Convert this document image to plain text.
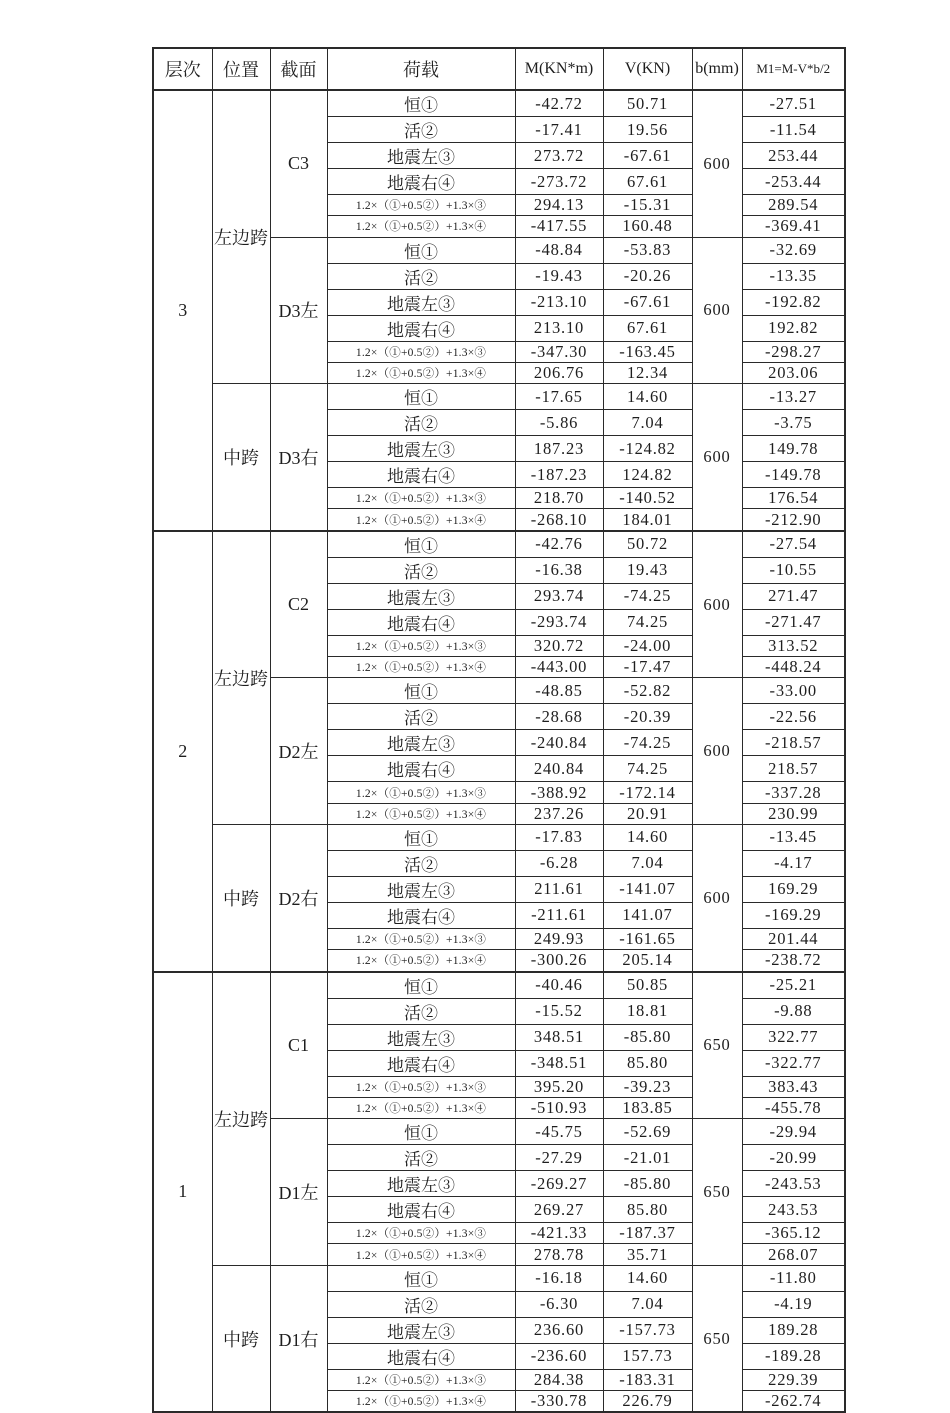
层次	位置	截面	荷载	M(KN*m)	V(KN)	b(mm)	M1=M-V*b/2
3	左边跨	C3	恒①	-42.72	50.71	600	-27.51
			活②	-17.41	19.56		-11.54
			地震左③	273.72	-67.61		253.44
			地震右④	-273.72	67.61		-253.44
			1.2×（①+0.5②）+1.3×③	294.13	-15.31		289.54
			1.2×（①+0.5②）+1.3×④	-417.55	160.48		-369.41
		D3左	恒①	-48.84	-53.83	600	-32.69
			活②	-19.43	-20.26		-13.35
			地震左③	-213.10	-67.61		-192.82
			地震右④	213.10	67.61		192.82
			1.2×（①+0.5②）+1.3×③	-347.30	-163.45		-298.27
			1.2×（①+0.5②）+1.3×④	206.76	12.34		203.06
	中跨	D3右	恒①	-17.65	14.60	600	-13.27
			活②	-5.86	7.04		-3.75
			地震左③	187.23	-124.82		149.78
			地震右④	-187.23	124.82		-149.78
			1.2×（①+0.5②）+1.3×③	218.70	-140.52		176.54
			1.2×（①+0.5②）+1.3×④	-268.10	184.01		-212.90
2	左边跨	C2	恒①	-42.76	50.72	600	-27.54
			活②	-16.38	19.43		-10.55
			地震左③	293.74	-74.25		271.47
			地震右④	-293.74	74.25		-271.47
			1.2×（①+0.5②）+1.3×③	320.72	-24.00		313.52
			1.2×（①+0.5②）+1.3×④	-443.00	-17.47		-448.24
		D2左	恒①	-48.85	-52.82	600	-33.00
			活②	-28.68	-20.39		-22.56
			地震左③	-240.84	-74.25		-218.57
			地震右④	240.84	74.25		218.57
			1.2×（①+0.5②）+1.3×③	-388.92	-172.14		-337.28
			1.2×（①+0.5②）+1.3×④	237.26	20.91		230.99
	中跨	D2右	恒①	-17.83	14.60	600	-13.45
			活②	-6.28	7.04		-4.17
			地震左③	211.61	-141.07		169.29
			地震右④	-211.61	141.07		-169.29
			1.2×（①+0.5②）+1.3×③	249.93	-161.65		201.44
			1.2×（①+0.5②）+1.3×④	-300.26	205.14		-238.72
1	左边跨	C1	恒①	-40.46	50.85	650	-25.21
			活②	-15.52	18.81		-9.88
			地震左③	348.51	-85.80		322.77
			地震右④	-348.51	85.80		-322.77
			1.2×（①+0.5②）+1.3×③	395.20	-39.23		383.43
			1.2×（①+0.5②）+1.3×④	-510.93	183.85		-455.78
		D1左	恒①	-45.75	-52.69	650	-29.94
			活②	-27.29	-21.01		-20.99
			地震左③	-269.27	-85.80		-243.53
			地震右④	269.27	85.80		243.53
			1.2×（①+0.5②）+1.3×③	-421.33	-187.37		-365.12
			1.2×（①+0.5②）+1.3×④	278.78	35.71		268.07
	中跨	D1右	恒①	-16.18	14.60	650	-11.80
			活②	-6.30	7.04		-4.19
			地震左③	236.60	-157.73		189.28
			地震右④	-236.60	157.73		-189.28
			1.2×（①+0.5②）+1.3×③	284.38	-183.31		229.39
			1.2×（①+0.5②）+1.3×④	-330.78	226.79		-262.74
